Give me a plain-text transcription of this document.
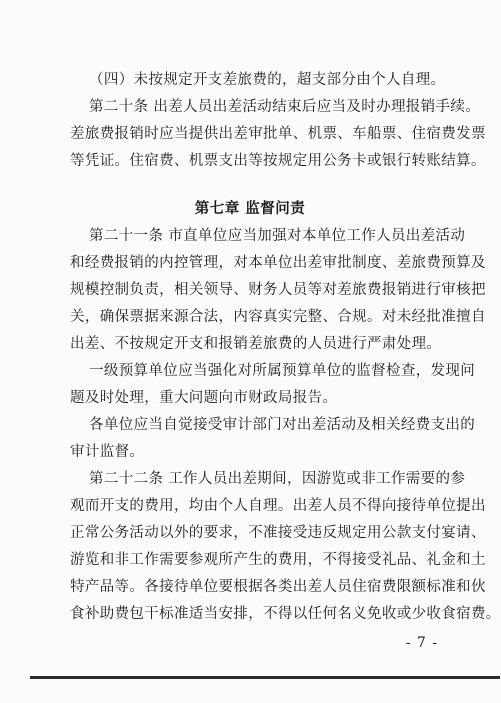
（四）未按规定开支差旅费的，超支部分由个人自理。
第二十条 出差人员出差活动结束后应当及时办理报销手续。
差旅费报销时应当提供出差审批单、机票、车船票、住宿费发票
等凭证。住宿费、机票支出等按规定用公务卡或银行转账结算。
第七章 监督问责
第二十一条 市直单位应当加强对本单位工作人员出差活动
和经费报销的内控管理，对本单位出差审批制度、差旅费预算及
规模控制负责，相关领导、财务人员等对差旅费报销进行审核把
关，确保票据来源合法，内容真实完整、合规。对未经批准擅自
出差、不按规定开支和报销差旅费的人员进行严肃处理。
一级预算单位应当强化对所属预算单位的监督检查，发现问
题及时处理，重大问题向市财政局报告。
各单位应当自觉接受审计部门对出差活动及相关经费支出的
审计监督。
第二十二条 工作人员出差期间，因游览或非工作需要的参
观而开支的费用，均由个人自理。出差人员不得向接待单位提出
正常公务活动以外的要求，不准接受违反规定用公款支付宴请、
游览和非工作需要参观所产生的费用，不得接受礼品、礼金和土
特产品等。各接待单位要根据各类出差人员住宿费限额标准和伙
食补助费包干标准适当安排，不得以任何名义免收或少收食宿费。
- 7 -
